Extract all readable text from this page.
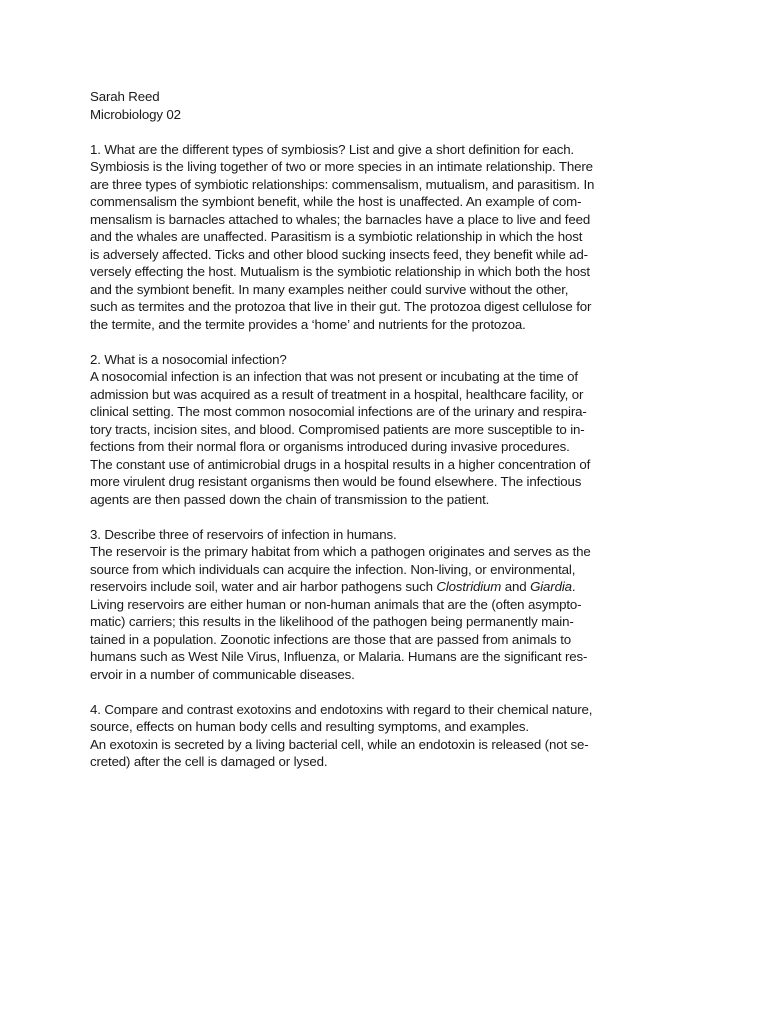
Sarah Reed
Microbiology 02
1. What are the different types of symbiosis? List and give a short definition for each.
Symbiosis is the living together of two or more species in an intimate relationship. There
are three types of symbiotic relationships: commensalism, mutualism, and parasitism. In
commensalism the symbiont benefit, while the host is unaffected. An example of com-
mensalism is barnacles attached to whales; the barnacles have a place to live and feed
and the whales are unaffected. Parasitism is a symbiotic relationship in which the host
is adversely affected. Ticks and other blood sucking insects feed, they benefit while ad-
versely effecting the host. Mutualism is the symbiotic relationship in which both the host
and the symbiont benefit. In many examples neither could survive without the other,
such as termites and the protozoa that live in their gut. The protozoa digest cellulose for
the termite, and the termite provides a ‘home’ and nutrients for the protozoa.
2. What is a nosocomial infection?
A nosocomial infection is an infection that was not present or incubating at the time of
admission but was acquired as a result of treatment in a hospital, healthcare facility, or
clinical setting. The most common nosocomial infections are of the urinary and respira-
tory tracts, incision sites, and blood. Compromised patients are more susceptible to in-
fections from their normal flora or organisms introduced during invasive procedures.
The constant use of antimicrobial drugs in a hospital results in a higher concentration of
more virulent drug resistant organisms then would be found elsewhere. The infectious
agents are then passed down the chain of transmission to the patient.
3. Describe three of reservoirs of infection in humans.
The reservoir is the primary habitat from which a pathogen originates and serves as the
source from which individuals can acquire the infection. Non-living, or environmental,
reservoirs include soil, water and air harbor pathogens such Clostridium and Giardia.
Living reservoirs are either human or non-human animals that are the (often asympto-
matic) carriers; this results in the likelihood of the pathogen being permanently main-
tained in a population. Zoonotic infections are those that are passed from animals to
humans such as West Nile Virus, Influenza, or Malaria. Humans are the significant res-
ervoir in a number of communicable diseases.
4. Compare and contrast exotoxins and endotoxins with regard to their chemical nature,
source, effects on human body cells and resulting symptoms, and examples.
An exotoxin is secreted by a living bacterial cell, while an endotoxin is released (not se-
creted) after the cell is damaged or lysed.
